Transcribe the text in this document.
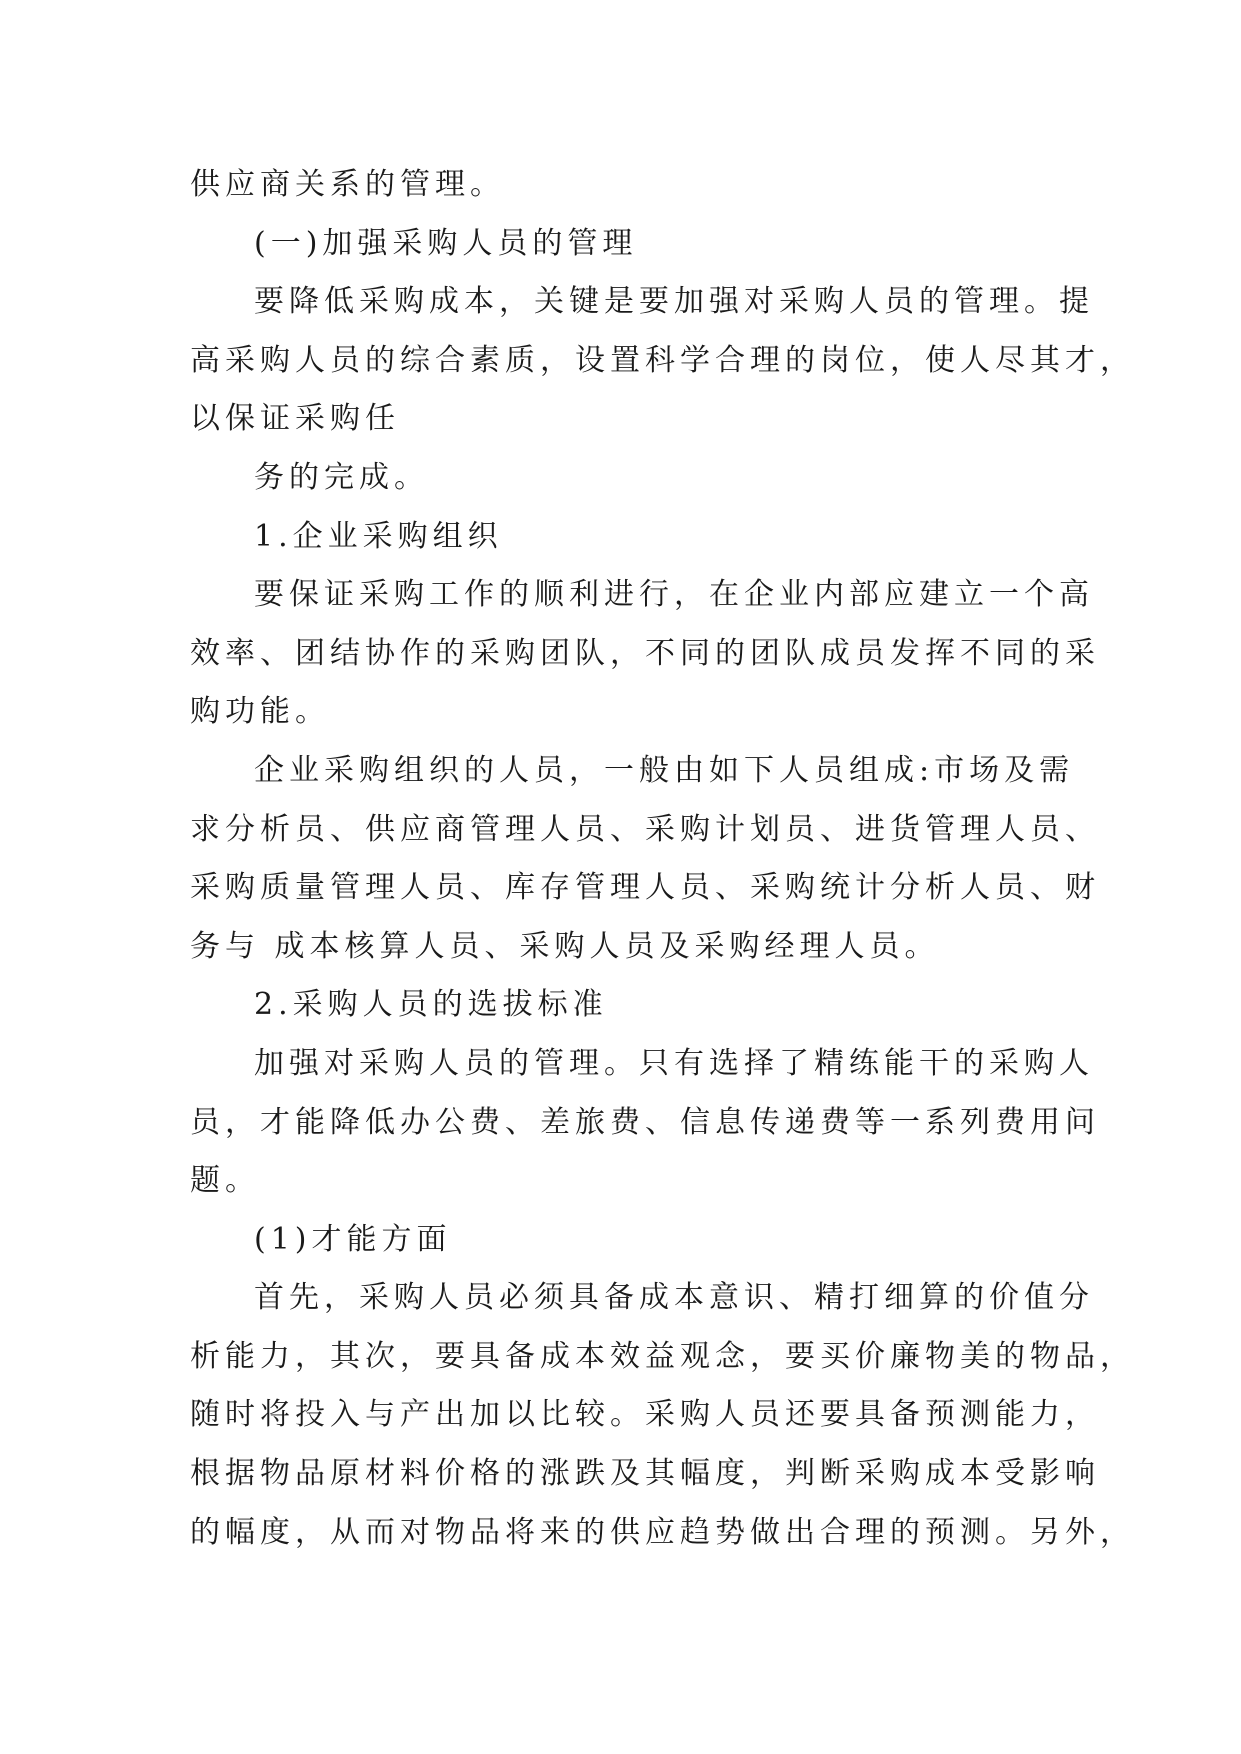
供应商关系的管理。

(一)加强采购人员的管理

要降低采购成本，关键是要加强对采购人员的管理。提

高采购人员的综合素质，设置科学合理的岗位，使人尽其才，

以保证采购任

务的完成。

1.企业采购组织

要保证采购工作的顺利进行，在企业内部应建立一个高

效率、团结协作的采购团队，不同的团队成员发挥不同的采

购功能。

企业采购组织的人员，一般由如下人员组成:市场及需

求分析员、供应商管理人员、采购计划员、进货管理人员、

采购质量管理人员、库存管理人员、采购统计分析人员、财

务与 成本核算人员、采购人员及采购经理人员。

2.采购人员的选拔标准

加强对采购人员的管理。只有选择了精练能干的采购人

员，才能降低办公费、差旅费、信息传递费等一系列费用问

题。

(1)才能方面

首先，采购人员必须具备成本意识、精打细算的价值分

析能力，其次，要具备成本效益观念，要买价廉物美的物品，

随时将投入与产出加以比较。采购人员还要具备预测能力，

根据物品原材料价格的涨跌及其幅度，判断采购成本受影响

的幅度，从而对物品将来的供应趋势做出合理的预测。另外，
